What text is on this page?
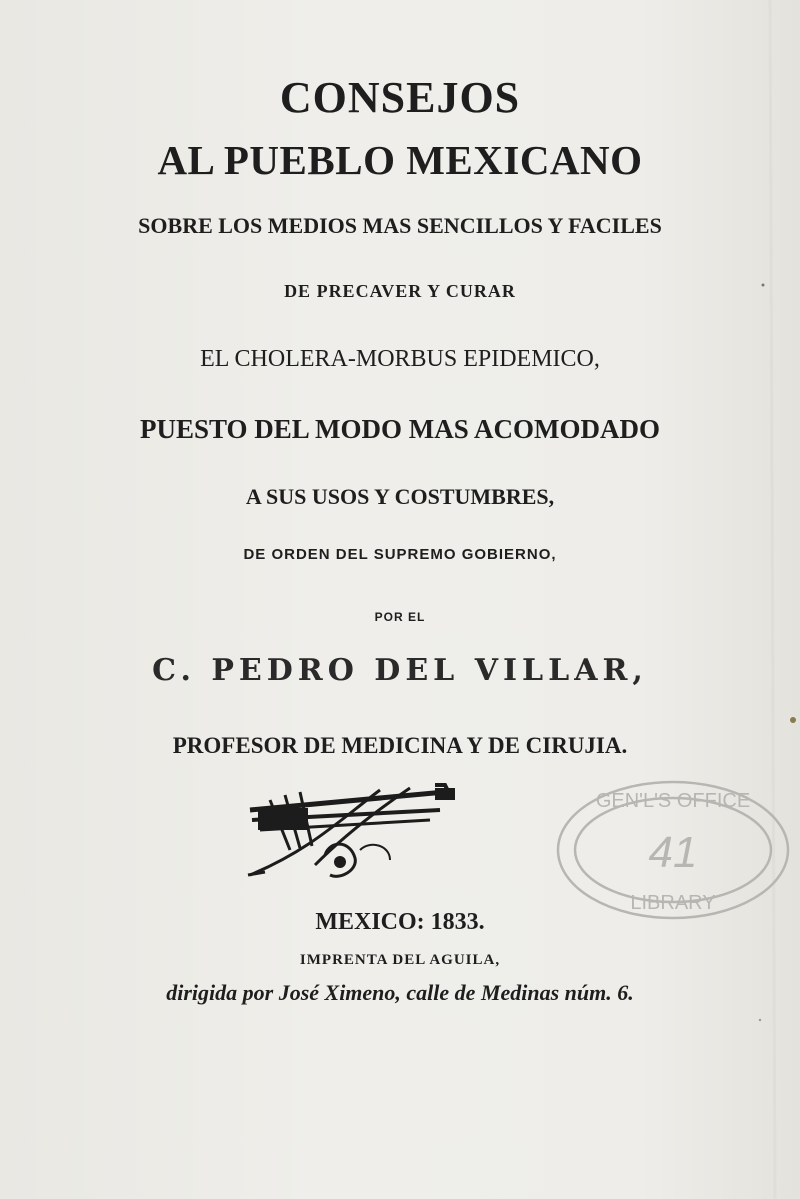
CONSEJOS
AL PUEBLO MEXICANO
SOBRE LOS MEDIOS MAS SENCILLOS Y FACILES
DE PRECAVER Y CURAR
EL CHOLERA-MORBUS EPIDEMICO,
PUESTO DEL MODO MAS ACOMODADO
A SUS USOS Y COSTUMBRES,
DE ORDEN DEL SUPREMO GOBIERNO,
POR EL
C. PEDRO DEL VILLAR,
PROFESOR DE MEDICINA Y DE CIRUJIA.
GEN'L'S OFFICE
41
LIBRARY
MEXICO: 1833.
IMPRENTA DEL AGUILA,
dirigida por José Ximeno, calle de Medinas núm. 6.
